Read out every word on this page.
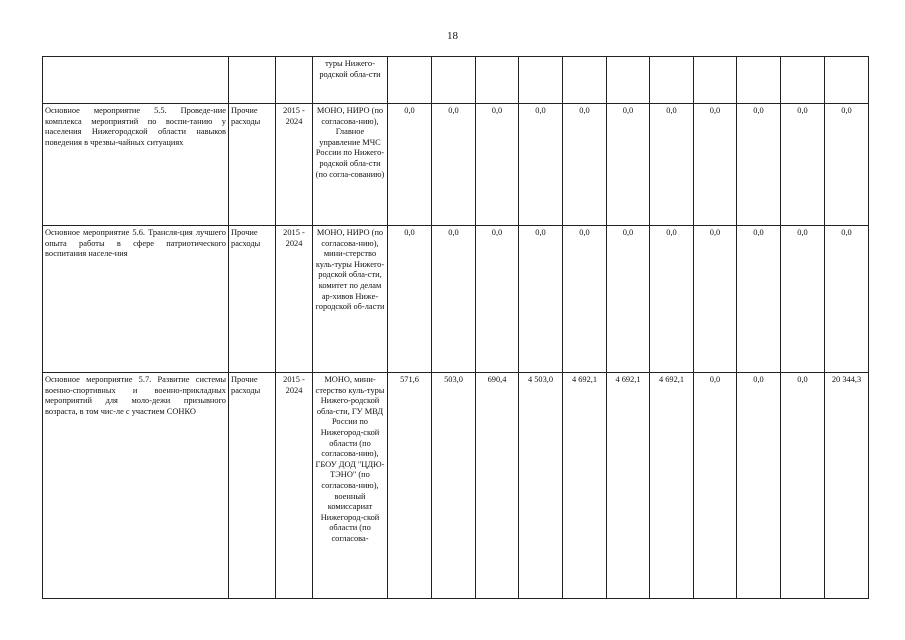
18
			туры Нижего-родской обла-сти											
Основное мероприятие 5.5. Проведе-ние комплекса мероприятий по воспи-танию у населения Нижегородской области навыков поведения в чрезвы-чайных ситуациях	Прочие расходы	2015 - 2024	МОНО, НИРО (по согласова-нию), Главное управление МЧС России по Нижего-родской обла-сти (по согла-сованию)	0,0	0,0	0,0	0,0	0,0	0,0	0,0	0,0	0,0	0,0	0,0
Основное мероприятие 5.6. Трансля-ция лучшего опыта работы в сфере патриотического воспитания населе-ния	Прочие расходы	2015 - 2024	МОНО, НИРО (по согласова-нию), мини-стерство куль-туры Нижего-родской обла-сти, комитет по делам ар-хивов Нижe-городской об-ласти	0,0	0,0	0,0	0,0	0,0	0,0	0,0	0,0	0,0	0,0	0,0
Основное мероприятие 5.7. Развитие системы военно-спортивных и военно-прикладных мероприятий для моло-дежи призывного возраста, в том чис-ле с участием СОНКО	Прочие расходы	2015 - 2024	МОНО, мини-стерство куль-туры Нижего-родской обла-сти, ГУ МВД России по Нижегород-ской области (по согласова-нию), ГБОУ ДОД "ЦДЮ-ТЭНО" (по согласова-нию), военный комиссариат Нижегород-ской области (по согласова-	571,6	503,0	690,4	4 503,0	4 692,1	4 692,1	4 692,1	0,0	0,0	0,0	20 344,3
